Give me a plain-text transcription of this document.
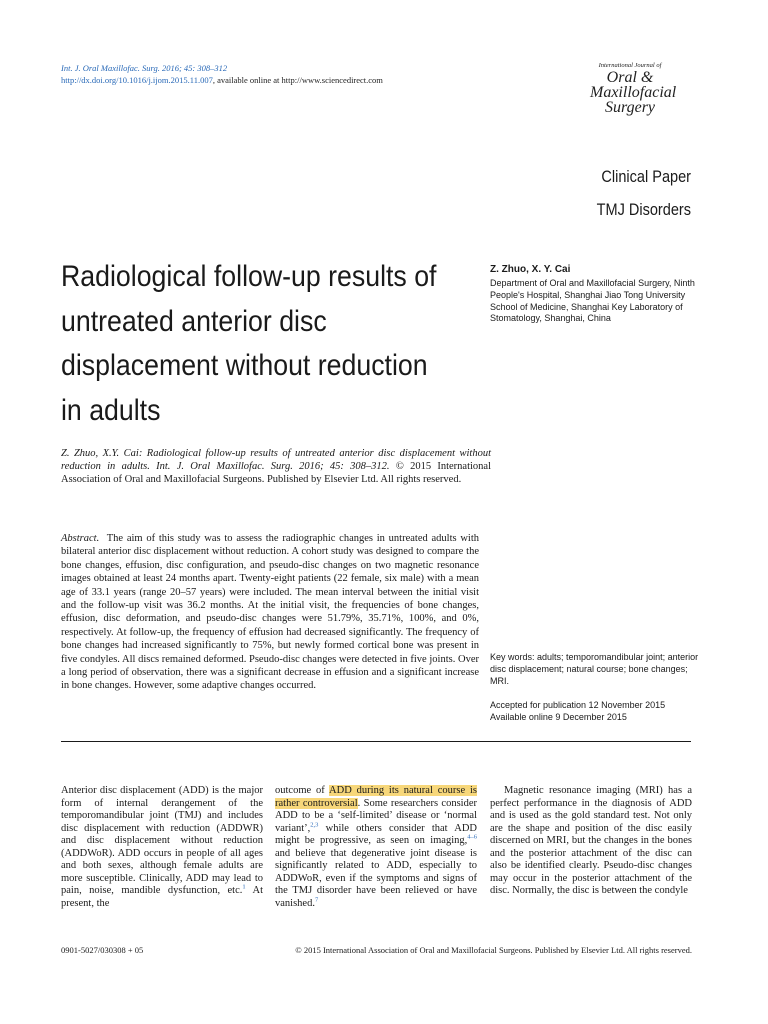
Int. J. Oral Maxillofac. Surg. 2016; 45: 308–312
http://dx.doi.org/10.1016/j.ijom.2015.11.007, available online at http://www.sciencedirect.com
International Journal of
Oral &
Maxillofacial
Surgery
Clinical Paper
TMJ Disorders
Radiological follow-up results of untreated anterior disc displacement without reduction in adults
Z. Zhuo, X. Y. Cai
Department of Oral and Maxillofacial Surgery, Ninth People's Hospital, Shanghai Jiao Tong University School of Medicine, Shanghai Key Laboratory of Stomatology, Shanghai, China
Z. Zhuo, X.Y. Cai: Radiological follow-up results of untreated anterior disc displacement without reduction in adults. Int. J. Oral Maxillofac. Surg. 2016; 45: 308–312. © 2015 International Association of Oral and Maxillofacial Surgeons. Published by Elsevier Ltd. All rights reserved.
Abstract. The aim of this study was to assess the radiographic changes in untreated adults with bilateral anterior disc displacement without reduction. A cohort study was designed to compare the bone changes, effusion, disc configuration, and pseudo-disc changes on two magnetic resonance images obtained at least 24 months apart. Twenty-eight patients (22 female, six male) with a mean age of 33.1 years (range 20–57 years) were included. The mean interval between the initial visit and the follow-up visit was 36.2 months. At the initial visit, the frequencies of bone changes, effusion, disc deformation, and pseudo-disc changes were 51.79%, 35.71%, 100%, and 0%, respectively. At follow-up, the frequency of effusion had decreased significantly. The frequency of bone changes had increased significantly to 75%, but newly formed cortical bone was present in five condyles. All discs remained deformed. Pseudo-disc changes were detected in five joints. Over a long period of observation, there was a significant decrease in effusion and a significant increase in bone changes. However, some adaptive changes occurred.
Key words: adults; temporomandibular joint; anterior disc displacement; natural course; bone changes; MRI.
Accepted for publication 12 November 2015
Available online 9 December 2015

Anterior disc displacement (ADD) is the major form of internal derangement of the temporomandibular joint (TMJ) and includes disc displacement with reduction (ADDWR) and disc displacement without reduction (ADDWoR). ADD occurs in people of all ages and both sexes, although female adults are more susceptible. Clinically, ADD may lead to pain, noise, mandible dysfunction, etc.$^1$ At present, the

outcome of ADD during its natural course is rather controversial. Some researchers consider ADD to be a ‘self-limited’ disease or ‘normal variant’,$^{2,3}$ while others consider that ADD might be progressive, as seen on imaging,$^{4-6}$ and believe that degenerative joint disease is significantly related to ADD, especially to ADDWoR, even if the symptoms and signs of the TMJ disorder have been relieved or have vanished.$^7$

Magnetic resonance imaging (MRI) has a perfect performance in the diagnosis of ADD and is used as the gold standard test. Not only are the shape and position of the disc easily discerned on MRI, but the changes in the bones and the posterior attachment of the disc can also be identified clearly. Pseudo-disc changes may occur in the posterior attachment of the disc. Normally, the disc is between the condyle

0901-5027/030308 + 05	© 2015 International Association of Oral and Maxillofacial Surgeons. Published by Elsevier Ltd. All rights reserved.
